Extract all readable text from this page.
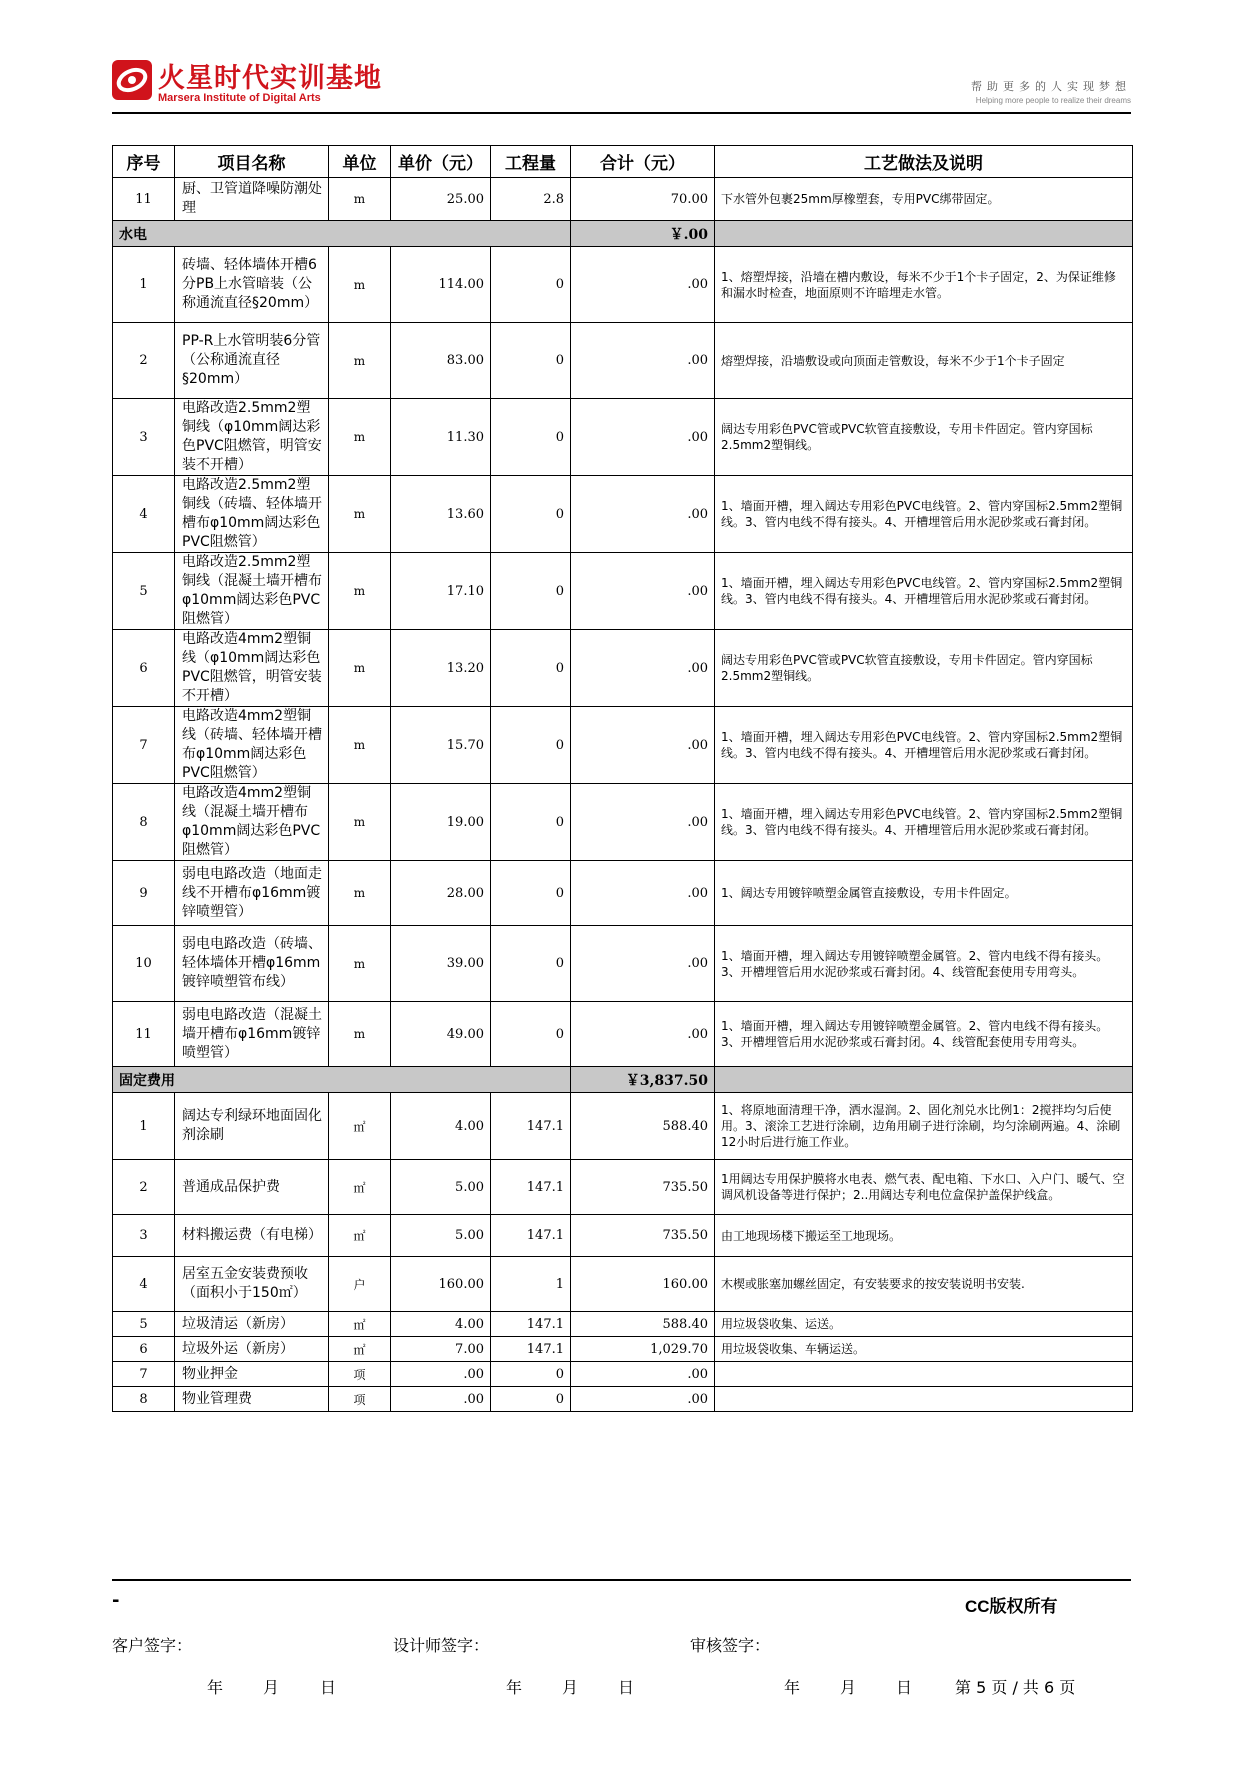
火星时代实训基地
Marsera Institute of Digital Arts
帮助更多的人实现梦想
Helping more people to realize their dreams
序号	项目名称	单位	单价（元）	工程量	合计（元）	工艺做法及说明
11	厨、卫管道降噪防潮处理	m	25.00	2.8	70.00	下水管外包裹25mm厚橡塑套，专用PVC绑带固定。
水电					￥.00	
1	砖墙、轻体墙体开槽6分PB上水管暗装（公称通流直径§20mm）	m	114.00	0	.00	1、熔塑焊接，沿墙在槽内敷设，每米不少于1个卡子固定，2、为保证维修和漏水时检查，地面原则不许暗埋走水管。
2	PP-R上水管明装6分管（公称通流直径§20mm）	m	83.00	0	.00	熔塑焊接，沿墙敷设或向顶面走管敷设，每米不少于1个卡子固定
3	电路改造2.5mm2塑铜线（φ10mm阔达彩色PVC阻燃管，明管安装不开槽）	m	11.30	0	.00	阔达专用彩色PVC管或PVC软管直接敷设，专用卡件固定。管内穿国标2.5mm2塑铜线。
4	电路改造2.5mm2塑铜线（砖墙、轻体墙开槽布φ10mm阔达彩色PVC阻燃管）	m	13.60	0	.00	1、墙面开槽，埋入阔达专用彩色PVC电线管。2、管内穿国标2.5mm2塑铜线。3、管内电线不得有接头。4、开槽埋管后用水泥砂浆或石膏封闭。
5	电路改造2.5mm2塑铜线（混凝土墙开槽布φ10mm阔达彩色PVC阻燃管）	m	17.10	0	.00	1、墙面开槽，埋入阔达专用彩色PVC电线管。2、管内穿国标2.5mm2塑铜线。3、管内电线不得有接头。4、开槽埋管后用水泥砂浆或石膏封闭。
6	电路改造4mm2塑铜线（φ10mm阔达彩色PVC阻燃管，明管安装不开槽）	m	13.20	0	.00	阔达专用彩色PVC管或PVC软管直接敷设，专用卡件固定。管内穿国标2.5mm2塑铜线。
7	电路改造4mm2塑铜线（砖墙、轻体墙开槽布φ10mm阔达彩色PVC阻燃管）	m	15.70	0	.00	1、墙面开槽，埋入阔达专用彩色PVC电线管。2、管内穿国标2.5mm2塑铜线。3、管内电线不得有接头。4、开槽埋管后用水泥砂浆或石膏封闭。
8	电路改造4mm2塑铜线（混凝土墙开槽布φ10mm阔达彩色PVC阻燃管）	m	19.00	0	.00	1、墙面开槽，埋入阔达专用彩色PVC电线管。2、管内穿国标2.5mm2塑铜线。3、管内电线不得有接头。4、开槽埋管后用水泥砂浆或石膏封闭。
9	弱电电路改造（地面走线不开槽布φ16mm镀锌喷塑管）	m	28.00	0	.00	1、阔达专用镀锌喷塑金属管直接敷设，专用卡件固定。
10	弱电电路改造（砖墙、轻体墙体开槽φ16mm镀锌喷塑管布线）	m	39.00	0	.00	1、墙面开槽，埋入阔达专用镀锌喷塑金属管。2、管内电线不得有接头。3、开槽埋管后用水泥砂浆或石膏封闭。4、线管配套使用专用弯头。
11	弱电电路改造（混凝土墙开槽布φ16mm镀锌喷塑管）	m	49.00	0	.00	1、墙面开槽，埋入阔达专用镀锌喷塑金属管。2、管内电线不得有接头。3、开槽埋管后用水泥砂浆或石膏封闭。4、线管配套使用专用弯头。
固定费用					￥3,837.50	
1	阔达专利绿环地面固化剂涂刷	㎡	4.00	147.1	588.40	1、将原地面清理干净，洒水湿润。2、固化剂兑水比例1：2搅拌均匀后使用。3、滚涂工艺进行涂刷，边角用刷子进行涂刷，均匀涂刷两遍。4、涂刷12小时后进行施工作业。
2	普通成品保护费	㎡	5.00	147.1	735.50	1用阔达专用保护膜将水电表、燃气表、配电箱、下水口、入户门、暖气、空调风机设备等进行保护；2..用阔达专利电位盒保护盖保护线盒。
3	材料搬运费（有电梯）	㎡	5.00	147.1	735.50	由工地现场楼下搬运至工地现场。
4	居室五金安装费预收（面积小于150㎡）	户	160.00	1	160.00	木楔或胀塞加螺丝固定，有安装要求的按安装说明书安装.
5	垃圾清运（新房）	㎡	4.00	147.1	588.40	用垃圾袋收集、运送。
6	垃圾外运（新房）	㎡	7.00	147.1	1,029.70	用垃圾袋收集、车辆运送。
7	物业押金	项	.00	0	.00	
8	物业管理费	项	.00	0	.00	
-	CC版权所有
客户签字：	设计师签字：	审核签字：
年 月	日	年 月 日	年 月 日	第 5 页 / 共 6 页
